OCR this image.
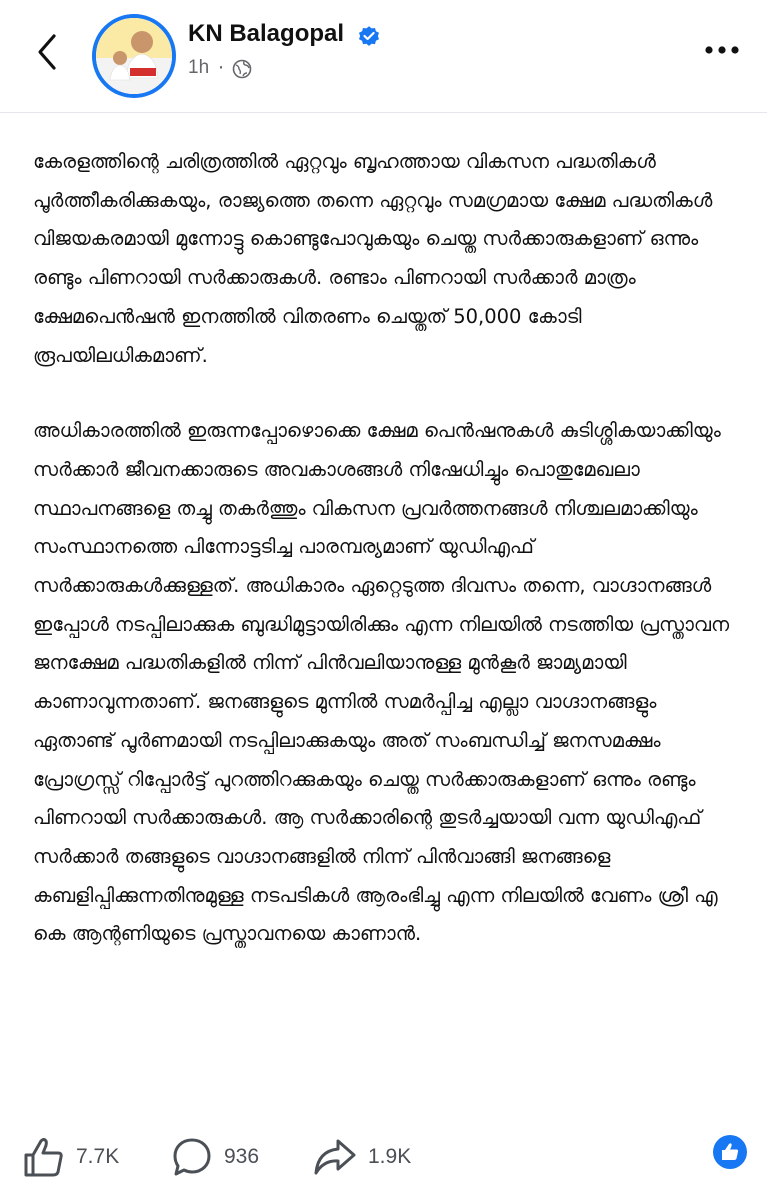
KN Balagopal
1h ·

കേരളത്തിന്റെ ചരിത്രത്തിൽ ഏറ്റവും ബൃഹത്തായ വികസന പദ്ധതികൾ പൂർത്തീകരിക്കുകയും, രാജ്യത്തെ തന്നെ ഏറ്റവും സമഗ്രമായ ക്ഷേമ പദ്ധതികൾ വിജയകരമായി മുന്നോട്ടു കൊണ്ടുപോവുകയും ചെയ്ത സർക്കാരുകളാണ് ഒന്നും രണ്ടും പിണറായി സർക്കാരുകൾ. രണ്ടാം പിണറായി സർക്കാർ മാത്രം ക്ഷേമപെൻഷൻ ഇനത്തിൽ വിതരണം ചെയ്തത് 50,000 കോടി രൂപയിലധികമാണ്.

അധികാരത്തിൽ ഇരുന്നപ്പോഴൊക്കെ ക്ഷേമ പെൻഷനുകൾ കുടിശ്ശികയാക്കിയും സർക്കാർ ജീവനക്കാരുടെ അവകാശങ്ങൾ നിഷേധിച്ചും പൊതുമേഖലാ സ്ഥാപനങ്ങളെ തച്ചു തകർത്തും വികസന പ്രവർത്തനങ്ങൾ നിശ്ചലമാക്കിയും സംസ്ഥാനത്തെ പിന്നോട്ടടിച്ച പാരമ്പര്യമാണ് യുഡിഎഫ് സർക്കാരുകൾക്കുള്ളത്. അധികാരം ഏറ്റെടുത്ത ദിവസം തന്നെ, വാഗ്ദാനങ്ങൾ ഇപ്പോൾ നടപ്പിലാക്കുക ബുദ്ധിമുട്ടായിരിക്കും എന്ന നിലയിൽ നടത്തിയ പ്രസ്താവന ജനക്ഷേമ പദ്ധതികളിൽ നിന്ന് പിൻവലിയാനുള്ള മുൻകൂർ ജാമ്യമായി കാണാവുന്നതാണ്. ജനങ്ങളുടെ മുന്നിൽ സമർപ്പിച്ച എല്ലാ വാഗ്ദാനങ്ങളും ഏതാണ്ട് പൂർണമായി നടപ്പിലാക്കുകയും അത് സംബന്ധിച്ച് ജനസമക്ഷം പ്രോഗ്രസ്സ് റിപ്പോർട്ട് പുറത്തിറക്കുകയും ചെയ്ത സർക്കാരുകളാണ് ഒന്നും രണ്ടും പിണറായി സർക്കാരുകൾ. ആ സർക്കാരിന്റെ തുടർച്ചയായി വന്ന യുഡിഎഫ് സർക്കാർ തങ്ങളുടെ വാഗ്ദാനങ്ങളിൽ നിന്ന് പിൻവാങ്ങി ജനങ്ങളെ കബളിപ്പിക്കുന്നതിനുമുള്ള നടപടികൾ ആരംഭിച്ചു എന്ന നിലയിൽ വേണം ശ്രീ എ കെ ആന്റണിയുടെ പ്രസ്താവനയെ കാണാൻ.

7.7K	936	1.9K
